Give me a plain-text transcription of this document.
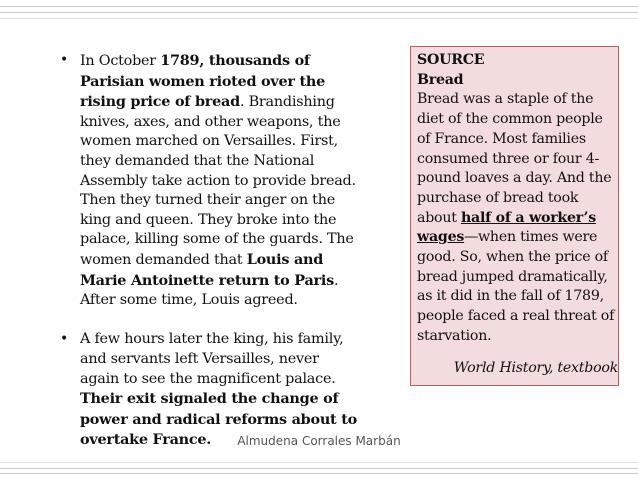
• In October 1789, thousands of Parisian women rioted over the rising price of bread. Brandishing knives, axes, and other weapons, the women marched on Versailles. First, they demanded that the National Assembly take action to provide bread. Then they turned their anger on the king and queen. They broke into the palace, killing some of the guards. The women demanded that Louis and Marie Antoinette return to Paris. After some time, Louis agreed.
• A few hours later the king, his family, and servants left Versailles, never again to see the magnificent palace. Their exit signaled the change of power and radical reforms about to overtake France.
SOURCE
Bread
Bread was a staple of the diet of the common people of France. Most families consumed three or four 4-pound loaves a day. And the purchase of bread took about half of a worker’s wages—when times were good. So, when the price of bread jumped dramatically, as it did in the fall of 1789, people faced a real threat of starvation.
World History, textbook
Almudena Corrales Marbán
